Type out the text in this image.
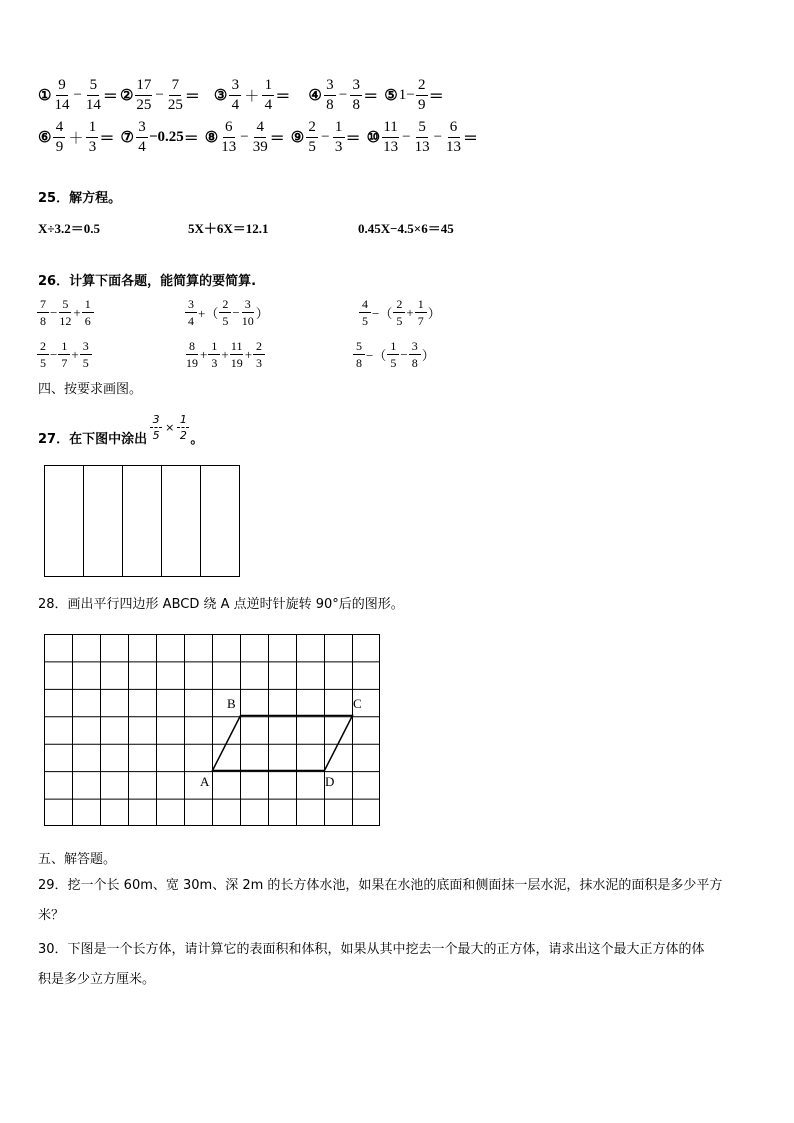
① $\frac{9}{14} - \frac{5}{14}$ ＝ ② $\frac{17}{25} - \frac{7}{25}$ ＝ ③ $\frac{3}{4} + \frac{1}{4}$ ＝ ④ $\frac{3}{8} - \frac{3}{8}$ ＝ ⑤ $1- \frac{2}{9}$ ＝
⑥ $\frac{4}{9} + \frac{1}{3}$ ＝ ⑦ $\frac{3}{4} -0.25$ ＝ ⑧ $\frac{6}{13} - \frac{4}{39}$ ＝ ⑨ $\frac{2}{5} - \frac{1}{3}$ ＝ ⑩ $\frac{11}{13} - \frac{5}{13} - \frac{6}{13}$ ＝
25．解方程。
X÷3.2＝0.5	5X＋6X＝12.1	0.45X−4.5×6＝45
26．计算下面各题，能简算的要简算.
$\frac{7}{8} - \frac{5}{12} + \frac{1}{6}$	$\frac{3}{4}$ +（ $\frac{2}{5} - \frac{3}{10}$ ）	$\frac{4}{5}$ −（ $\frac{2}{5} + \frac{1}{7}$ ）
$\frac{2}{5} - \frac{1}{7} + \frac{3}{5}$	$\frac{8}{19} + \frac{1}{3} + \frac{11}{19} + \frac{2}{3}$	$\frac{5}{8}$ −（ $\frac{1}{5} - \frac{3}{8}$ ）
四、按要求画图。
27．在下图中涂出 $\frac{3}{5} \times \frac{1}{2}$ 。
28．画出平行四边形 ABCD 绕 A 点逆时针旋转 90°后的图形。
B	C
A	D
五、解答题。
29．挖一个长 60m、宽 30m、深 2m 的长方体水池，如果在水池的底面和侧面抹一层水泥，抹水泥的面积是多少平方
米？
30．下图是一个长方体，请计算它的表面积和体积，如果从其中挖去一个最大的正方体，请求出这个最大正方体的体
积是多少立方厘米。
